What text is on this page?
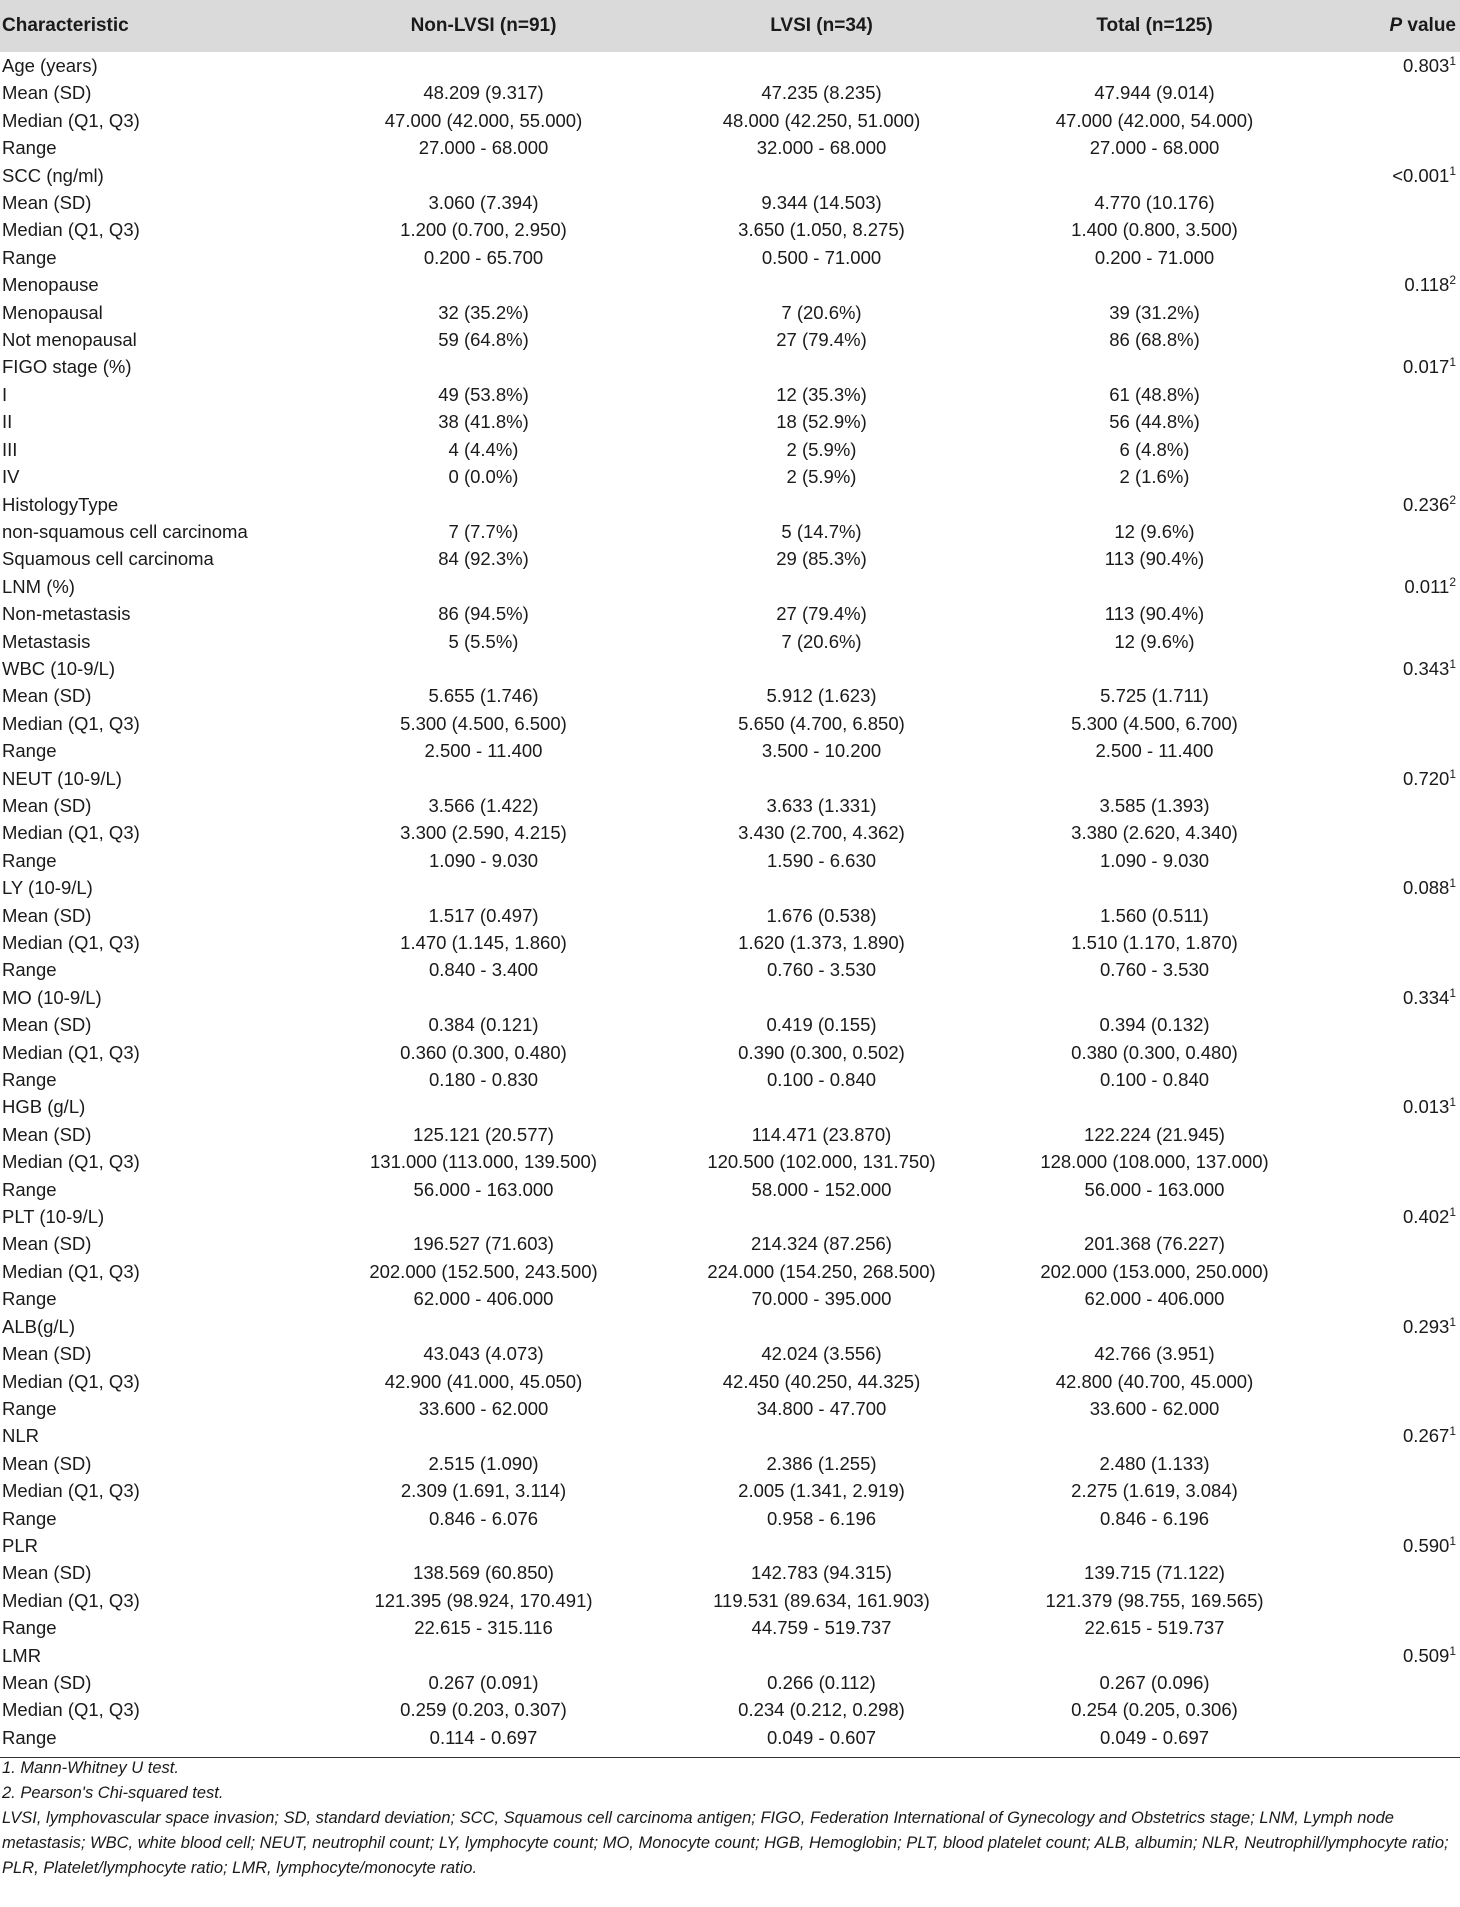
Characteristic	Non-LVSI (n=91)	LVSI (n=34)	Total (n=125)	P value
Age (years)				0.803$^1$
Mean (SD)	48.209 (9.317)	47.235 (8.235)	47.944 (9.014)	
Median (Q1, Q3)	47.000 (42.000, 55.000)	48.000 (42.250, 51.000)	47.000 (42.000, 54.000)	
Range	27.000 - 68.000	32.000 - 68.000	27.000 - 68.000	
SCC (ng/ml)				$<0.001^1$
Mean (SD)	3.060 (7.394)	9.344 (14.503)	4.770 (10.176)	
Median (Q1, Q3)	1.200 (0.700, 2.950)	3.650 (1.050, 8.275)	1.400 (0.800, 3.500)	
Range	0.200 - 65.700	0.500 - 71.000	0.200 - 71.000	
Menopause				0.118$^2$
Menopausal	32 (35.2%)	7 (20.6%)	39 (31.2%)	
Not menopausal	59 (64.8%)	27 (79.4%)	86 (68.8%)	
FIGO stage (%)				0.017$^1$
I	49 (53.8%)	12 (35.3%)	61 (48.8%)	
II	38 (41.8%)	18 (52.9%)	56 (44.8%)	
III	4 (4.4%)	2 (5.9%)	6 (4.8%)	
IV	0 (0.0%)	2 (5.9%)	2 (1.6%)	
HistologyType				0.236$^2$
non-squamous cell carcinoma	7 (7.7%)	5 (14.7%)	12 (9.6%)	
Squamous cell carcinoma	84 (92.3%)	29 (85.3%)	113 (90.4%)	
LNM (%)				0.011$^2$
Non-metastasis	86 (94.5%)	27 (79.4%)	113 (90.4%)	
Metastasis	5 (5.5%)	7 (20.6%)	12 (9.6%)	
WBC (10-9/L)				0.343$^1$
Mean (SD)	5.655 (1.746)	5.912 (1.623)	5.725 (1.711)	
Median (Q1, Q3)	5.300 (4.500, 6.500)	5.650 (4.700, 6.850)	5.300 (4.500, 6.700)	
Range	2.500 - 11.400	3.500 - 10.200	2.500 - 11.400	
NEUT (10-9/L)				0.720$^1$
Mean (SD)	3.566 (1.422)	3.633 (1.331)	3.585 (1.393)	
Median (Q1, Q3)	3.300 (2.590, 4.215)	3.430 (2.700, 4.362)	3.380 (2.620, 4.340)	
Range	1.090 - 9.030	1.590 - 6.630	1.090 - 9.030	
LY (10-9/L)				0.088$^1$
Mean (SD)	1.517 (0.497)	1.676 (0.538)	1.560 (0.511)	
Median (Q1, Q3)	1.470 (1.145, 1.860)	1.620 (1.373, 1.890)	1.510 (1.170, 1.870)	
Range	0.840 - 3.400	0.760 - 3.530	0.760 - 3.530	
MO (10-9/L)				0.334$^1$
Mean (SD)	0.384 (0.121)	0.419 (0.155)	0.394 (0.132)	
Median (Q1, Q3)	0.360 (0.300, 0.480)	0.390 (0.300, 0.502)	0.380 (0.300, 0.480)	
Range	0.180 - 0.830	0.100 - 0.840	0.100 - 0.840	
HGB (g/L)				0.013$^1$
Mean (SD)	125.121 (20.577)	114.471 (23.870)	122.224 (21.945)	
Median (Q1, Q3)	131.000 (113.000, 139.500)	120.500 (102.000, 131.750)	128.000 (108.000, 137.000)	
Range	56.000 - 163.000	58.000 - 152.000	56.000 - 163.000	
PLT (10-9/L)				0.402$^1$
Mean (SD)	196.527 (71.603)	214.324 (87.256)	201.368 (76.227)	
Median (Q1, Q3)	202.000 (152.500, 243.500)	224.000 (154.250, 268.500)	202.000 (153.000, 250.000)	
Range	62.000 - 406.000	70.000 - 395.000	62.000 - 406.000	
ALB(g/L)				0.293$^1$
Mean (SD)	43.043 (4.073)	42.024 (3.556)	42.766 (3.951)	
Median (Q1, Q3)	42.900 (41.000, 45.050)	42.450 (40.250, 44.325)	42.800 (40.700, 45.000)	
Range	33.600 - 62.000	34.800 - 47.700	33.600 - 62.000	
NLR				0.267$^1$
Mean (SD)	2.515 (1.090)	2.386 (1.255)	2.480 (1.133)	
Median (Q1, Q3)	2.309 (1.691, 3.114)	2.005 (1.341, 2.919)	2.275 (1.619, 3.084)	
Range	0.846 - 6.076	0.958 - 6.196	0.846 - 6.196	
PLR				0.590$^1$
Mean (SD)	138.569 (60.850)	142.783 (94.315)	139.715 (71.122)	
Median (Q1, Q3)	121.395 (98.924, 170.491)	119.531 (89.634, 161.903)	121.379 (98.755, 169.565)	
Range	22.615 - 315.116	44.759 - 519.737	22.615 - 519.737	
LMR				0.509$^1$
Mean (SD)	0.267 (0.091)	0.266 (0.112)	0.267 (0.096)	
Median (Q1, Q3)	0.259 (0.203, 0.307)	0.234 (0.212, 0.298)	0.254 (0.205, 0.306)	
Range	0.114 - 0.697	0.049 - 0.607	0.049 - 0.697	

1. Mann-Whitney U test.

2. Pearson's Chi-squared test.

LVSI, lymphovascular space invasion; SD, standard deviation; SCC, Squamous cell carcinoma antigen; FIGO, Federation International of Gynecology and Obstetrics stage; LNM, Lymph node metastasis; WBC, white blood cell; NEUT, neutrophil count; LY, lymphocyte count; MO, Monocyte count; HGB, Hemoglobin; PLT, blood platelet count; ALB, albumin; NLR, Neutrophil/lymphocyte ratio; PLR, Platelet/lymphocyte ratio; LMR, lymphocyte/monocyte ratio.
